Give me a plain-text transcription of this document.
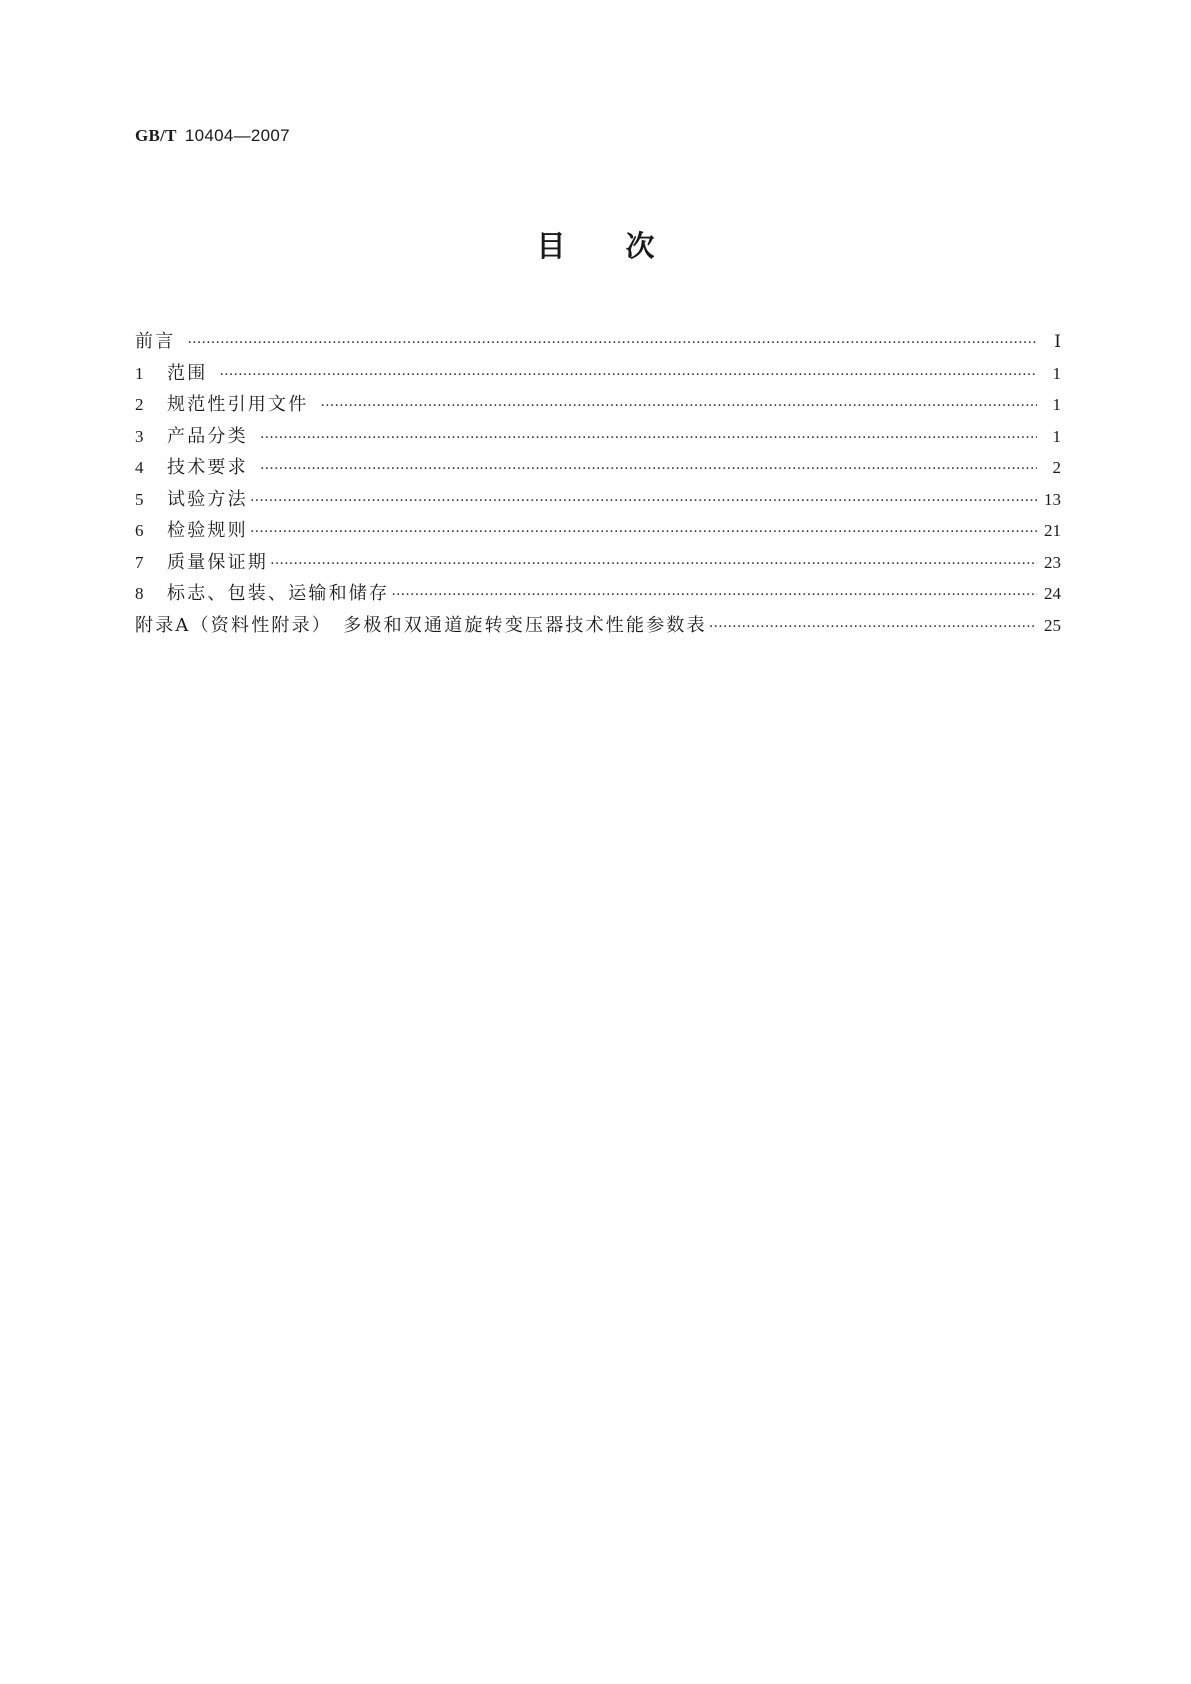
GB/T 10404—2007
目次
前言 ……………………………………………………………………………………………………………………………………………………………………………………………………………………………………………………	Ⅰ
1	范围 ……………………………………………………………………………………………………………………………………………………………………………………………………………………………………………………	1
2	规范性引用文件 ……………………………………………………………………………………………………………………………………………………………………………………………………………………………………………………	1
3	产品分类 ……………………………………………………………………………………………………………………………………………………………………………………………………………………………………………………	1
4	技术要求 ……………………………………………………………………………………………………………………………………………………………………………………………………………………………………………………	2
5	试验方法 ……………………………………………………………………………………………………………………………………………………………………………………………………………………………………………………	13
6	检验规则 ……………………………………………………………………………………………………………………………………………………………………………………………………………………………………………………	21
7	质量保证期 ……………………………………………………………………………………………………………………………………………………………………………………………………………………………………………………	23
8	标志、包装、运输和储存 ……………………………………………………………………………………………………………………………………………………………………………………………………………………………………………………	24
附录A（资料性附录）　多极和双通道旋转变压器技术性能参数表 ……………………………………………………………………………………………………………………………………………………………………………………………………………………………………………………	25
